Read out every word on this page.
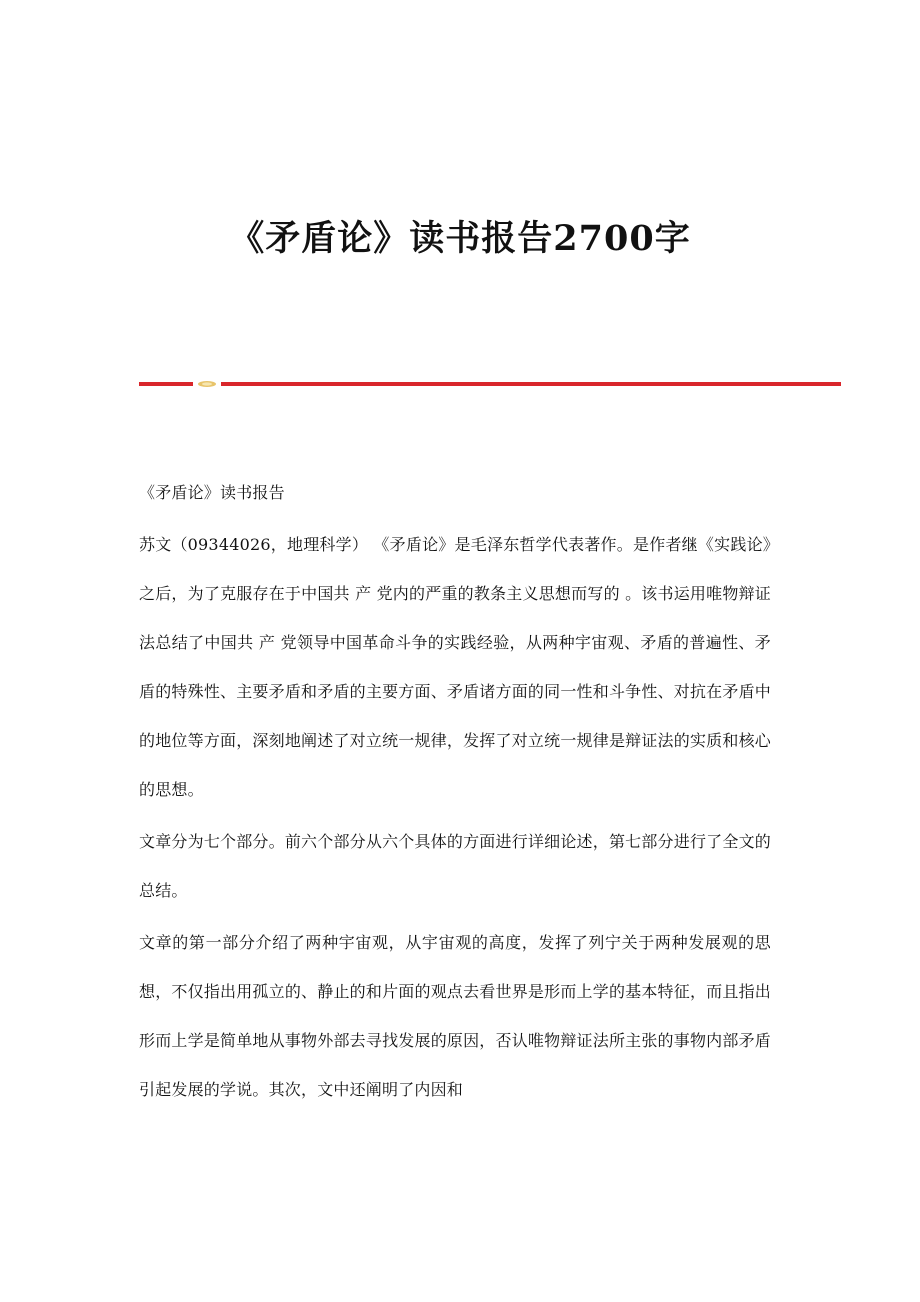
《矛盾论》读书报告2700字

《矛盾论》读书报告

苏文（09344026，地理科学） 《矛盾论》是毛泽东哲学代表著作。是作者继《实践论》之后，为了克服存在于中国共 产 党内的严重的教条主义思想而写的 。该书运用唯物辩证法总结了中国共 产 党领导中国革命斗争的实践经验，从两种宇宙观、矛盾的普遍性、矛盾的特殊性、主要矛盾和矛盾的主要方面、矛盾诸方面的同一性和斗争性、对抗在矛盾中的地位等方面，深刻地阐述了对立统一规律，发挥了对立统一规律是辩证法的实质和核心的思想。

文章分为七个部分。前六个部分从六个具体的方面进行详细论述，第七部分进行了全文的总结。

文章的第一部分介绍了两种宇宙观，从宇宙观的高度，发挥了列宁关于两种发展观的思想，不仅指出用孤立的、静止的和片面的观点去看世界是形而上学的基本特征，而且指出形而上学是简单地从事物外部去寻找发展的原因，否认唯物辩证法所主张的事物内部矛盾引起发展的学说。其次，文中还阐明了内因和
